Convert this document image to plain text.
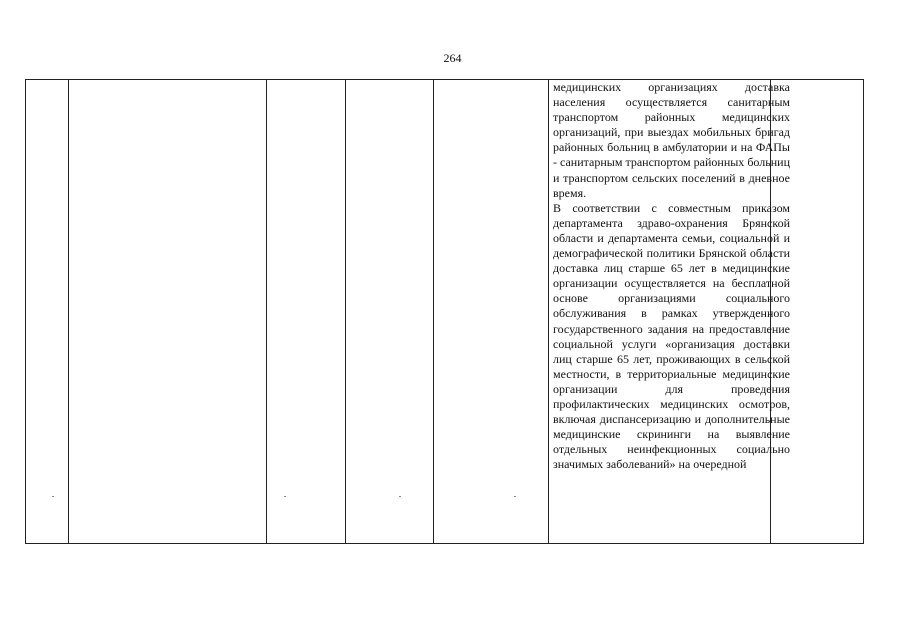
264

медицинских организациях доставка населения осуществляется санитарным транспортом районных медицинских организаций, при выездах мобильных бригад районных больниц в амбулатории и на ФАПы - санитарным транспортом районных больниц и транспортом сельских поселений в дневное время.

В соответствии с совместным приказом департамента здраво-охранения Брянской области и департамента семьи, социальной и демографической политики Брянской области доставка лиц старше 65 лет в медицинские организации осуществляется на бесплатной основе организациями социального обслуживания в рамках утвержденного государственного задания на предоставление социальной услуги «организация доставки лиц старше 65 лет, проживающих в сельской местности, в территориальные медицинские организации для проведения профилактических медицинских осмотров, включая диспансеризацию и дополнительные медицинские скрининги на выявление отдельных неинфекционных социально значимых заболеваний» на очередной
